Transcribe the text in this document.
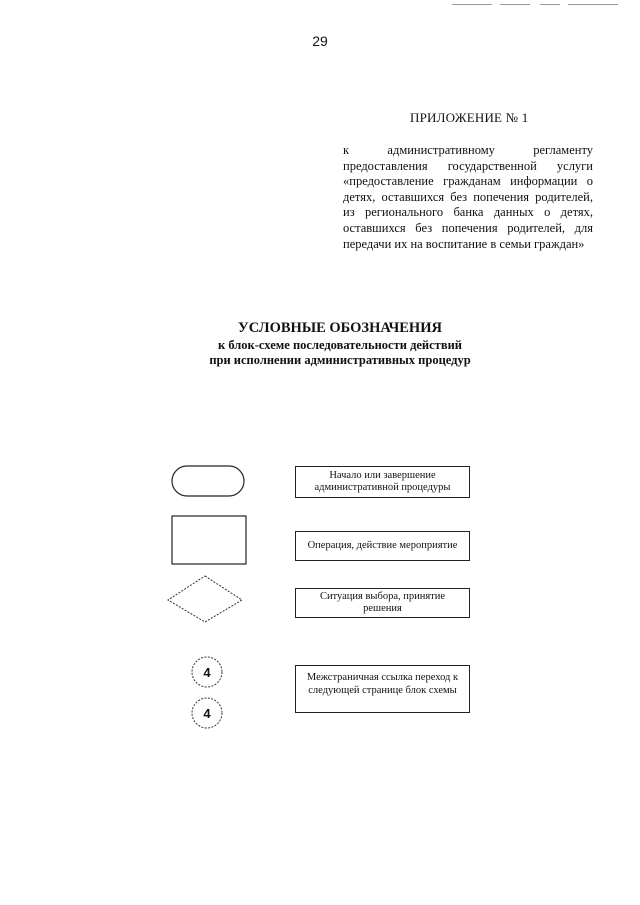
29
ПРИЛОЖЕНИЕ № 1
к административному регламенту предоставления государственной услуги «предоставление гражданам информации о детях, оставшихся без попечения родителей, из регионального банка данных о детях, оставшихся без попечения родителей, для передачи их на воспитание в семьи граждан»
УСЛОВНЫЕ ОБОЗНАЧЕНИЯ
к блок-схеме последовательности действий
при исполнении административных процедур
4
4
Начало или завершение
административной процедуры
Операция, действие мероприятие
Ситуация выбора, принятие решения
Межстраничная ссылка переход к
следующей странице блок схемы
